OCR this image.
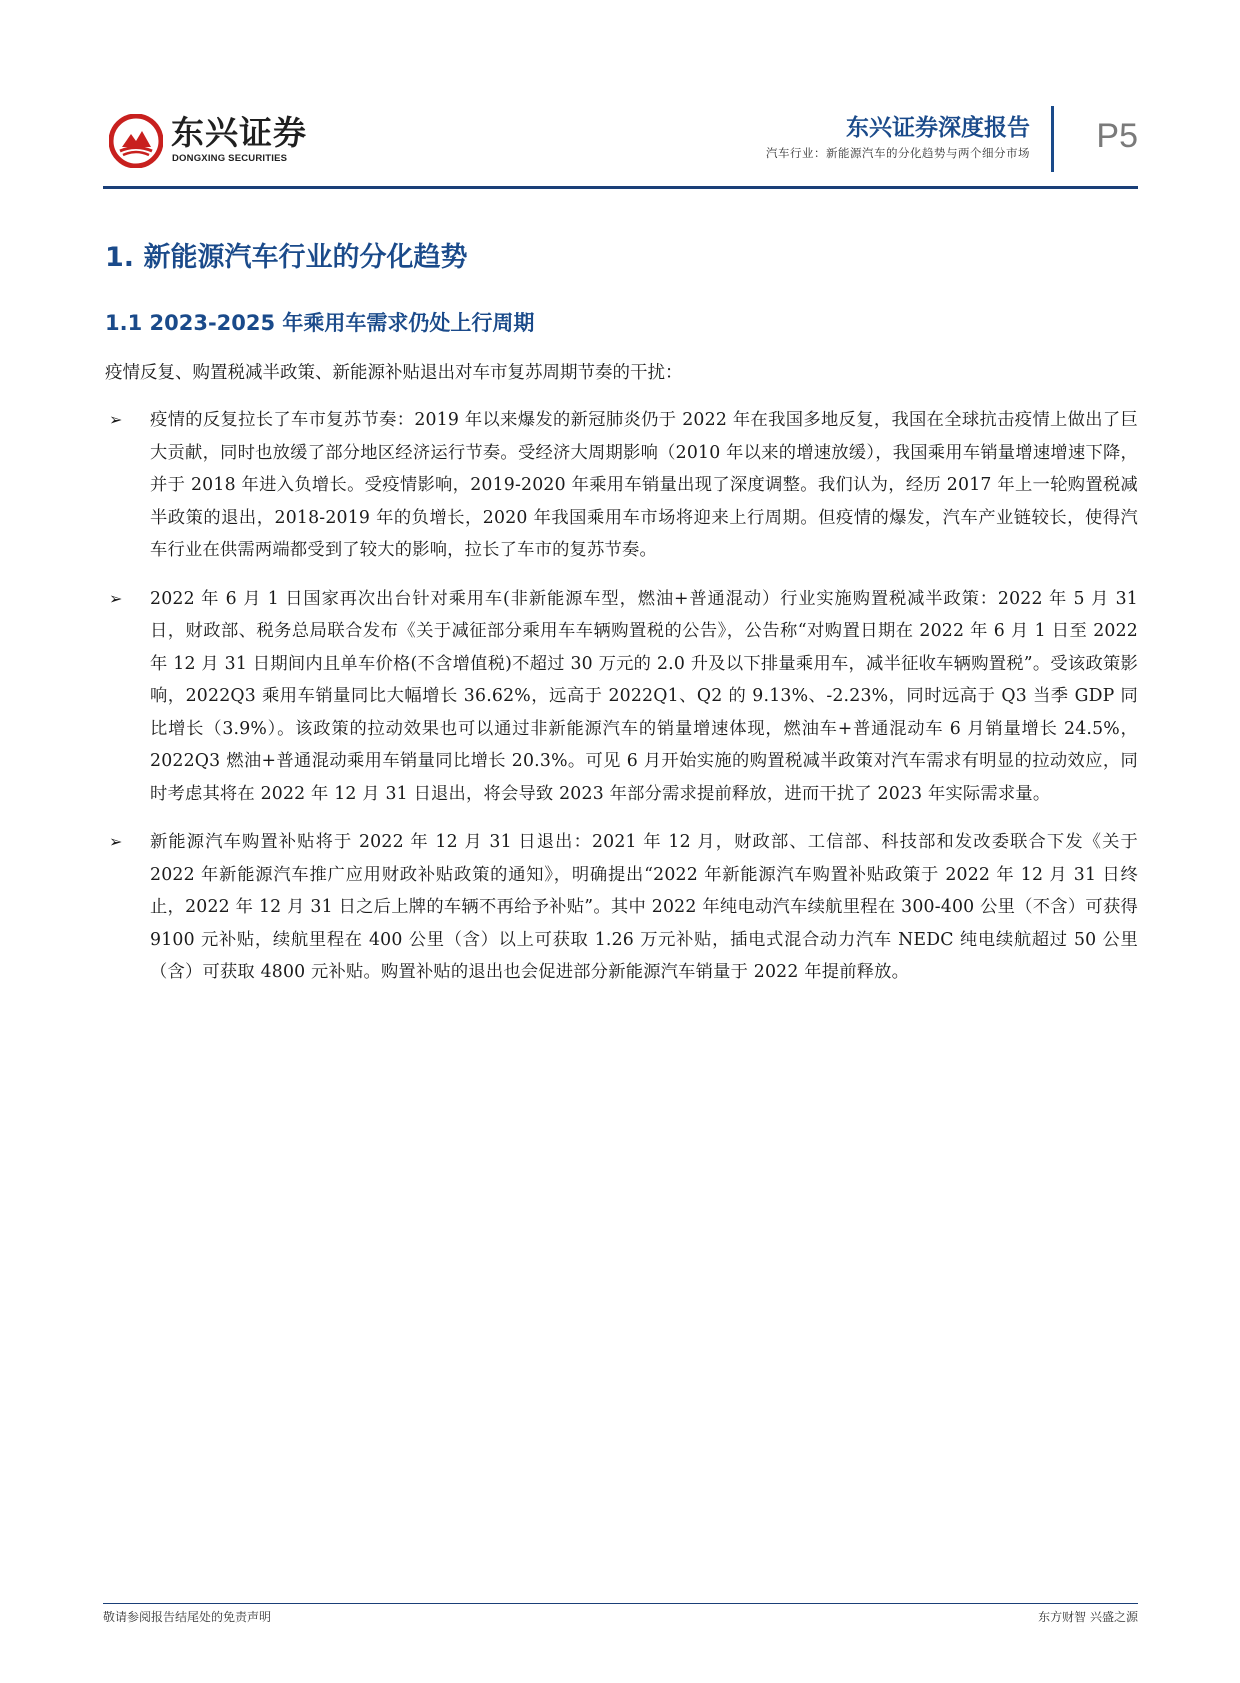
东兴证券
DONGXING SECURITIES
东兴证券深度报告
汽车行业：新能源汽车的分化趋势与两个细分市场 P5
1. 新能源汽车行业的分化趋势
1.1 2023-2025 年乘用车需求仍处上行周期
疫情反复、购置税减半政策、新能源补贴退出对车市复苏周期节奏的干扰：
➢ 疫情的反复拉长了车市复苏节奏：2019 年以来爆发的新冠肺炎仍于 2022 年在我国多地反复，我国在全球抗击疫情上做出了巨大贡献，同时也放缓了部分地区经济运行节奏。受经济大周期影响（2010 年以来的增速放缓），我国乘用车销量增速增速下降，并于 2018 年进入负增长。受疫情影响，2019-2020 年乘用车销量出现了深度调整。我们认为，经历 2017 年上一轮购置税减半政策的退出，2018-2019 年的负增长，2020 年我国乘用车市场将迎来上行周期。但疫情的爆发，汽车产业链较长，使得汽车行业在供需两端都受到了较大的影响，拉长了车市的复苏节奏。
➢ 2022 年 6 月 1 日国家再次出台针对乘用车(非新能源车型，燃油+普通混动）行业实施购置税减半政策：2022 年 5 月 31 日，财政部、税务总局联合发布《关于减征部分乘用车车辆购置税的公告》，公告称“对购置日期在 2022 年 6 月 1 日至 2022 年 12 月 31 日期间内且单车价格(不含增值税)不超过 30 万元的 2.0 升及以下排量乘用车，减半征收车辆购置税”。受该政策影响，2022Q3 乘用车销量同比大幅增长 36.62%，远高于 2022Q1、Q2 的 9.13%、-2.23%，同时远高于 Q3 当季 GDP 同比增长（3.9%）。该政策的拉动效果也可以通过非新能源汽车的销量增速体现，燃油车+普通混动车 6 月销量增长 24.5%，2022Q3 燃油+普通混动乘用车销量同比增长 20.3%。可见 6 月开始实施的购置税减半政策对汽车需求有明显的拉动效应，同时考虑其将在 2022 年 12 月 31 日退出，将会导致 2023 年部分需求提前释放，进而干扰了 2023 年实际需求量。
➢ 新能源汽车购置补贴将于 2022 年 12 月 31 日退出：2021 年 12 月，财政部、工信部、科技部和发改委联合下发《关于 2022 年新能源汽车推广应用财政补贴政策的通知》，明确提出“2022 年新能源汽车购置补贴政策于 2022 年 12 月 31 日终止，2022 年 12 月 31 日之后上牌的车辆不再给予补贴”。其中 2022 年纯电动汽车续航里程在 300-400 公里（不含）可获得 9100 元补贴，续航里程在 400 公里（含）以上可获取 1.26 万元补贴，插电式混合动力汽车 NEDC 纯电续航超过 50 公里（含）可获取 4800 元补贴。购置补贴的退出也会促进部分新能源汽车销量于 2022 年提前释放。
敬请参阅报告结尾处的免责声明	东方财智 兴盛之源
